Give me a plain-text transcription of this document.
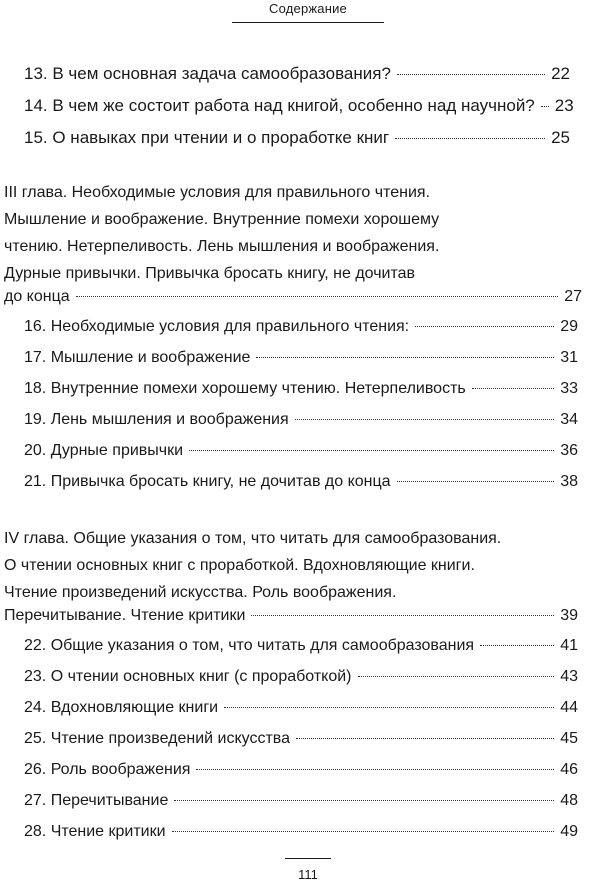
Содержание
13. В чем основная задача самообразования?	22
14. В чем же состоит работа над книгой, особенно над научной? 23
15. О навыках при чтении и о проработке книг	25
III глава. Необходимые условия для правильного чтения.
Мышление и воображение. Внутренние помехи хорошему
чтению. Нетерпеливость. Лень мышления и воображения.
Дурные привычки. Привычка бросать книгу, не дочитав
до конца	27
16. Необходимые условия для правильного чтения:	29
17. Мышление и воображение	31
18. Внутренние помехи хорошему чтению. Нетерпеливость	33
19. Лень мышления и воображения	34
20. Дурные привычки	36
21. Привычка бросать книгу, не дочитав до конца	38
IV глава. Общие указания о том, что читать для самообразования.
О чтении основных книг с проработкой. Вдохновляющие книги.
Чтение произведений искусства. Роль воображения.
Перечитывание. Чтение критики	39
22. Общие указания о том, что читать для самообразования	41
23. О чтении основных книг (с проработкой)	43
24. Вдохновляющие книги	44
25. Чтение произведений искусства	45
26. Роль воображения	46
27. Перечитывание	48
28. Чтение критики	49
111
